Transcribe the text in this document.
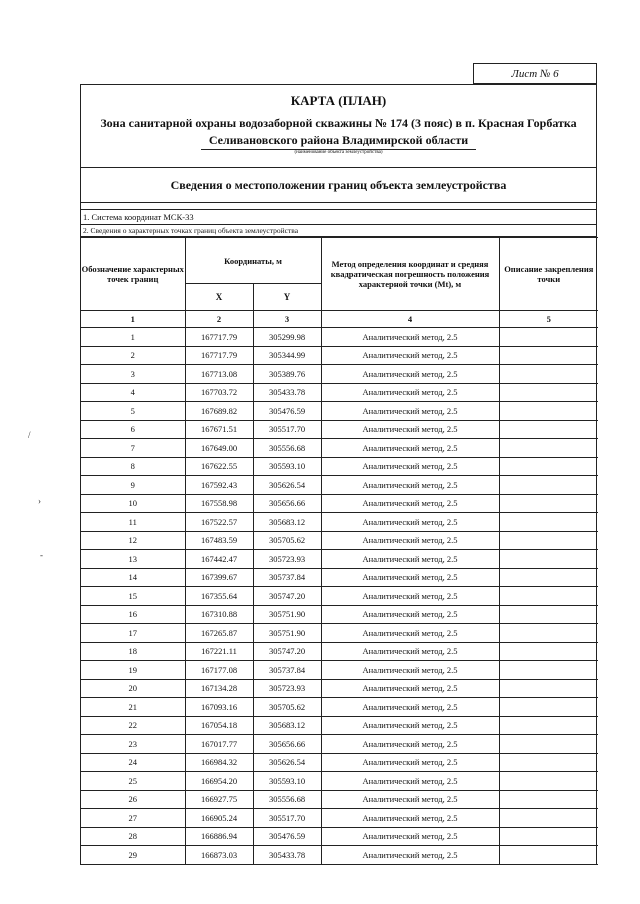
Лист № 6
КАРТА (ПЛАН)
Зона санитарной охраны водозаборной скважины № 174 (3 пояс) в п. Красная Горбатка Селивановского района Владимирской области
(наименование объекта землеустройства)
Сведения о местоположении границ объекта землеустройства
1. Система координат МСК-33
2. Сведения о характерных точках границ объекта землеустройства
Обозначение характерных точек границ	Координаты, м		Метод определения координат и средняя квадратическая погрешность положения характерной точки (Mt), м	Описание закрепления точки
	X	Y		
1	2	3	4	5
1	167717.79	305299.98	Аналитический метод, 2.5	
2	167717.79	305344.99	Аналитический метод, 2.5	
3	167713.08	305389.76	Аналитический метод, 2.5	
4	167703.72	305433.78	Аналитический метод, 2.5	
5	167689.82	305476.59	Аналитический метод, 2.5	
6	167671.51	305517.70	Аналитический метод, 2.5	
7	167649.00	305556.68	Аналитический метод, 2.5	
8	167622.55	305593.10	Аналитический метод, 2.5	
9	167592.43	305626.54	Аналитический метод, 2.5	
10	167558.98	305656.66	Аналитический метод, 2.5	
11	167522.57	305683.12	Аналитический метод, 2.5	
12	167483.59	305705.62	Аналитический метод, 2.5	
13	167442.47	305723.93	Аналитический метод, 2.5	
14	167399.67	305737.84	Аналитический метод, 2.5	
15	167355.64	305747.20	Аналитический метод, 2.5	
16	167310.88	305751.90	Аналитический метод, 2.5	
17	167265.87	305751.90	Аналитический метод, 2.5	
18	167221.11	305747.20	Аналитический метод, 2.5	
19	167177.08	305737.84	Аналитический метод, 2.5	
20	167134.28	305723.93	Аналитический метод, 2.5	
21	167093.16	305705.62	Аналитический метод, 2.5	
22	167054.18	305683.12	Аналитический метод, 2.5	
23	167017.77	305656.66	Аналитический метод, 2.5	
24	166984.32	305626.54	Аналитический метод, 2.5	
25	166954.20	305593.10	Аналитический метод, 2.5	
26	166927.75	305556.68	Аналитический метод, 2.5	
27	166905.24	305517.70	Аналитический метод, 2.5	
28	166886.94	305476.59	Аналитический метод, 2.5	
29	166873.03	305433.78	Аналитический метод, 2.5	
/
›
-
